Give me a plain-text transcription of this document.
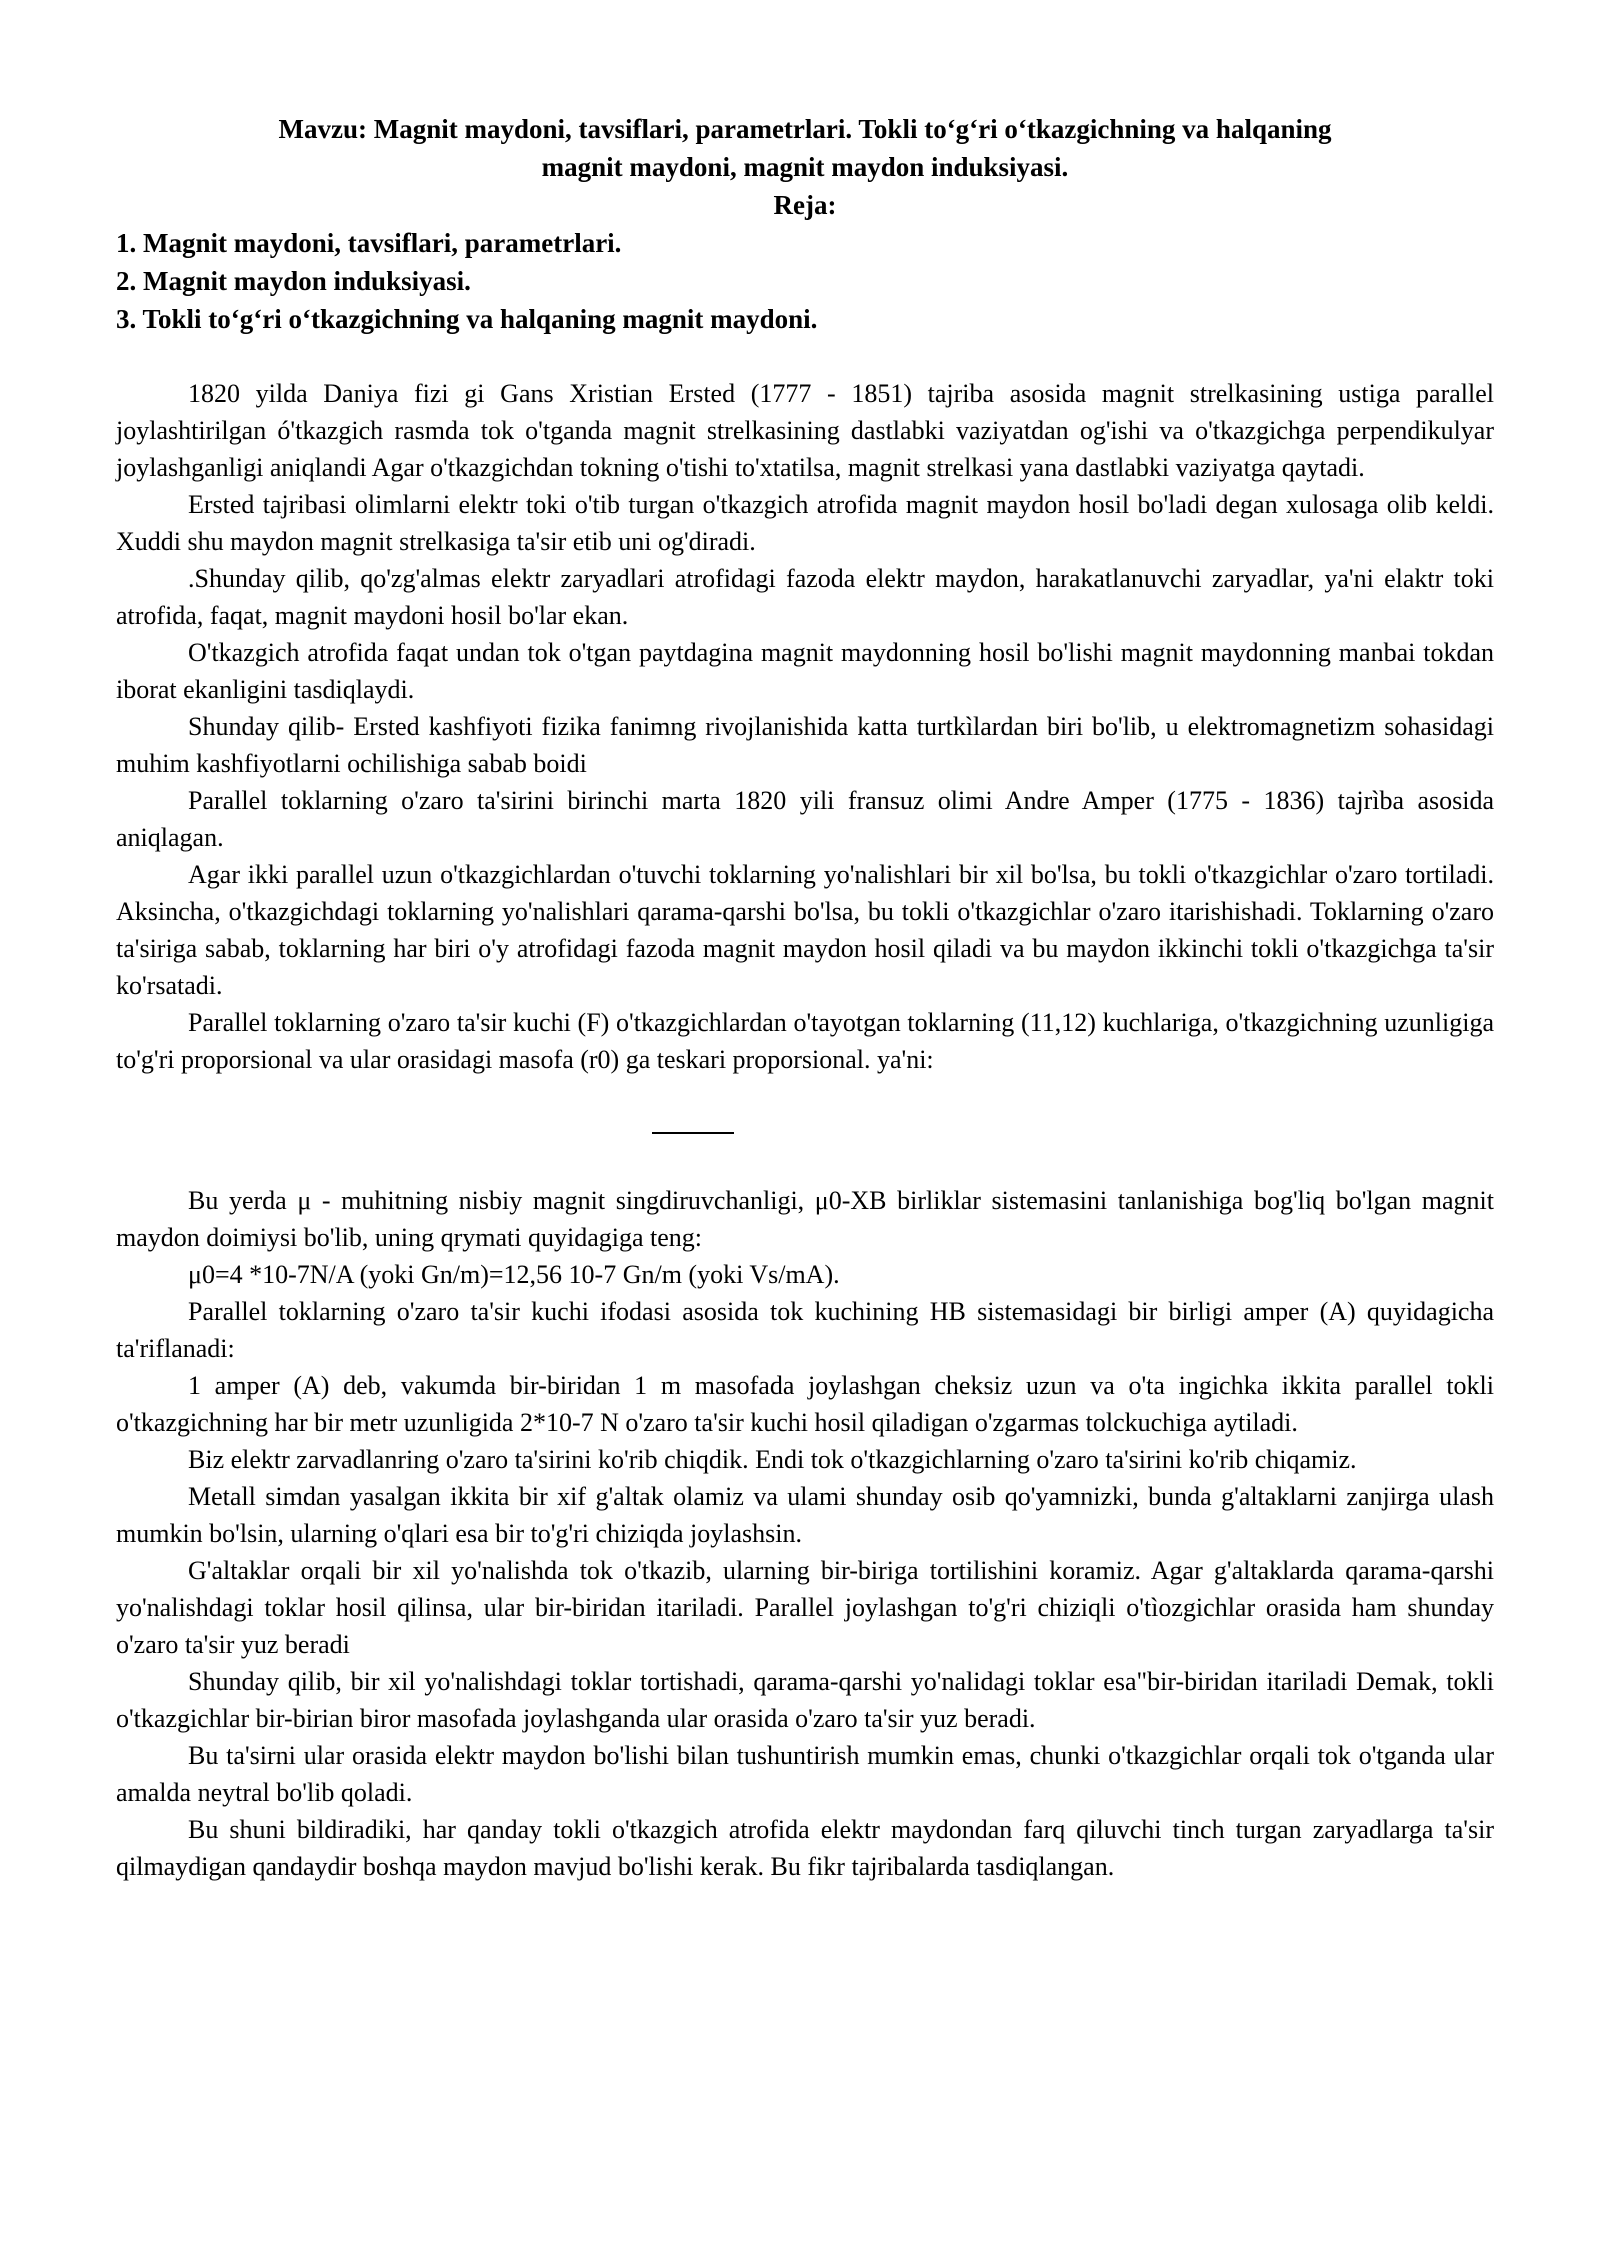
Mavzu: Magnit maydoni, tavsiflari, parametrlari. Tokli to‘g‘ri o‘tkazgichning va halqaning
magnit maydoni, magnit maydon induksiyasi.

Reja:

1. Magnit maydoni, tavsiflari, parametrlari.
2. Magnit maydon induksiyasi.
3. Tokli to‘g‘ri o‘tkazgichning va halqaning magnit maydoni.

1820 yilda Daniya fizi gi Gans Xristian Ersted (1777 - 1851) tajriba asosida magnit strelkasining ustiga parallel joylashtirilgan ó'tkazgich rasmda tok o'tganda magnit strelkasining dastlabki vaziyatdan og'ishi va o'tkazgichga perpendikulyar joylashganligi aniqlandi Agar o'tkazgichdan tokning o'tishi to'xtatilsa, magnit strelkasi yana dastlabki vaziyatga qaytadi.

Ersted tajribasi olimlarni elektr toki o'tib turgan o'tkazgich atrofida magnit maydon hosil bo'ladi degan xulosaga olib keldi. Xuddi shu maydon magnit strelkasiga ta'sir etib uni og'diradi.

.Shunday qilib, qo'zg'almas elektr zaryadlari atrofidagi fazoda elektr maydon, harakatlanuvchi zaryadlar, ya'ni elaktr toki atrofida, faqat, magnit maydoni hosil bo'lar ekan.

O'tkazgich atrofida faqat undan tok o'tgan paytdagina magnit maydonning hosil bo'lishi magnit maydonning manbai tokdan iborat ekanligini tasdiqlaydi.

Shunday qilib- Ersted kashfiyoti fizika fanimng rivojlanishida katta turtkìlardan biri bo'lib, u elektromagnetizm sohasidagi muhim kashfiyotlarni ochilishiga sabab boidi

Parallel toklarning o'zaro ta'sirini birinchi marta 1820 yili fransuz olimi Andre Amper (1775 - 1836) tajrìba asosida aniqlagan.

Agar ikki parallel uzun o'tkazgichlardan o'tuvchi toklarning yo'nalishlari bir xil bo'lsa, bu tokli o'tkazgichlar o'zaro tortiladi. Aksincha, o'tkazgichdagi toklarning yo'nalishlari qarama-qarshi bo'lsa, bu tokli o'tkazgichlar o'zaro itarishishadi. Toklarning o'zaro ta'siriga sabab, toklarning har biri o'y atrofidagi fazoda magnit maydon hosil qiladi va bu maydon ikkinchi tokli o'tkazgichga ta'sir ko'rsatadi.

Parallel toklarning o'zaro ta'sir kuchi (F) o'tkazgichlardan o'tayotgan toklarning (11,12) kuchlariga, o'tkazgichning uzunligiga to'g'ri proporsional va ular orasidagi masofa (r0) ga teskari proporsional. ya'ni:

Bu yerda μ - muhitning nisbiy magnit singdiruvchanligi, μ0-XB birliklar sistemasini tanlanishiga bog'liq bo'lgan magnit maydon doimiysi bo'lib, uning qrymati quyidagiga teng:

μ0=4 *10-7N/A (yoki Gn/m)=12,56 10-7 Gn/m (yoki Vs/mA).

Parallel toklarning o'zaro ta'sir kuchi ifodasi asosida tok kuchining HB sistemasidagi bir birligi amper (A) quyidagicha ta'riflanadi:

1 amper (A) deb, vakumda bir-biridan 1 m masofada joylashgan cheksiz uzun va o'ta ingichka ikkita parallel tokli o'tkazgichning har bir metr uzunligida 2*10-7 N o'zaro ta'sir kuchi hosil qiladigan o'zgarmas tolckuchiga aytiladi.

Biz elektr zarvadlanring o'zaro ta'sirini ko'rib chiqdik. Endi tok o'tkazgichlarning o'zaro ta'sirini ko'rib chiqamiz.

Metall simdan yasalgan ikkita bir xif g'altak olamiz va ulami shunday osib qo'yamnizki, bunda g'altaklarni zanjirga ulash mumkin bo'lsin, ularning o'qlari esa bir to'g'ri chiziqda joylashsin.

G'altaklar orqali bir xil yo'nalishda tok o'tkazib, ularning bir-biriga tortilishini koramiz. Agar g'altaklarda qarama-qarshi yo'nalishdagi toklar hosil qilinsa, ular bir-biridan itariladi. Parallel joylashgan to'g'ri chiziqli o'tìozgichlar orasida ham shunday o'zaro ta'sir yuz beradi

Shunday qilib, bir xil yo'nalishdagi toklar tortishadi, qarama-qarshi yo'nalidagi toklar esa"bir-biridan itariladi Demak, tokli o'tkazgichlar bir-birian biror masofada joylashganda ular orasida o'zaro ta'sir yuz beradi.

Bu ta'sirni ular orasida elektr maydon bo'lishi bilan tushuntirish mumkin emas, chunki o'tkazgichlar orqali tok o'tganda ular amalda neytral bo'lib qoladi.

Bu shuni bildiradiki, har qanday tokli o'tkazgich atrofida elektr maydondan farq qiluvchi tinch turgan zaryadlarga ta'sir qilmaydigan qandaydir boshqa maydon mavjud bo'lishi kerak. Bu fikr tajribalarda tasdiqlangan.
